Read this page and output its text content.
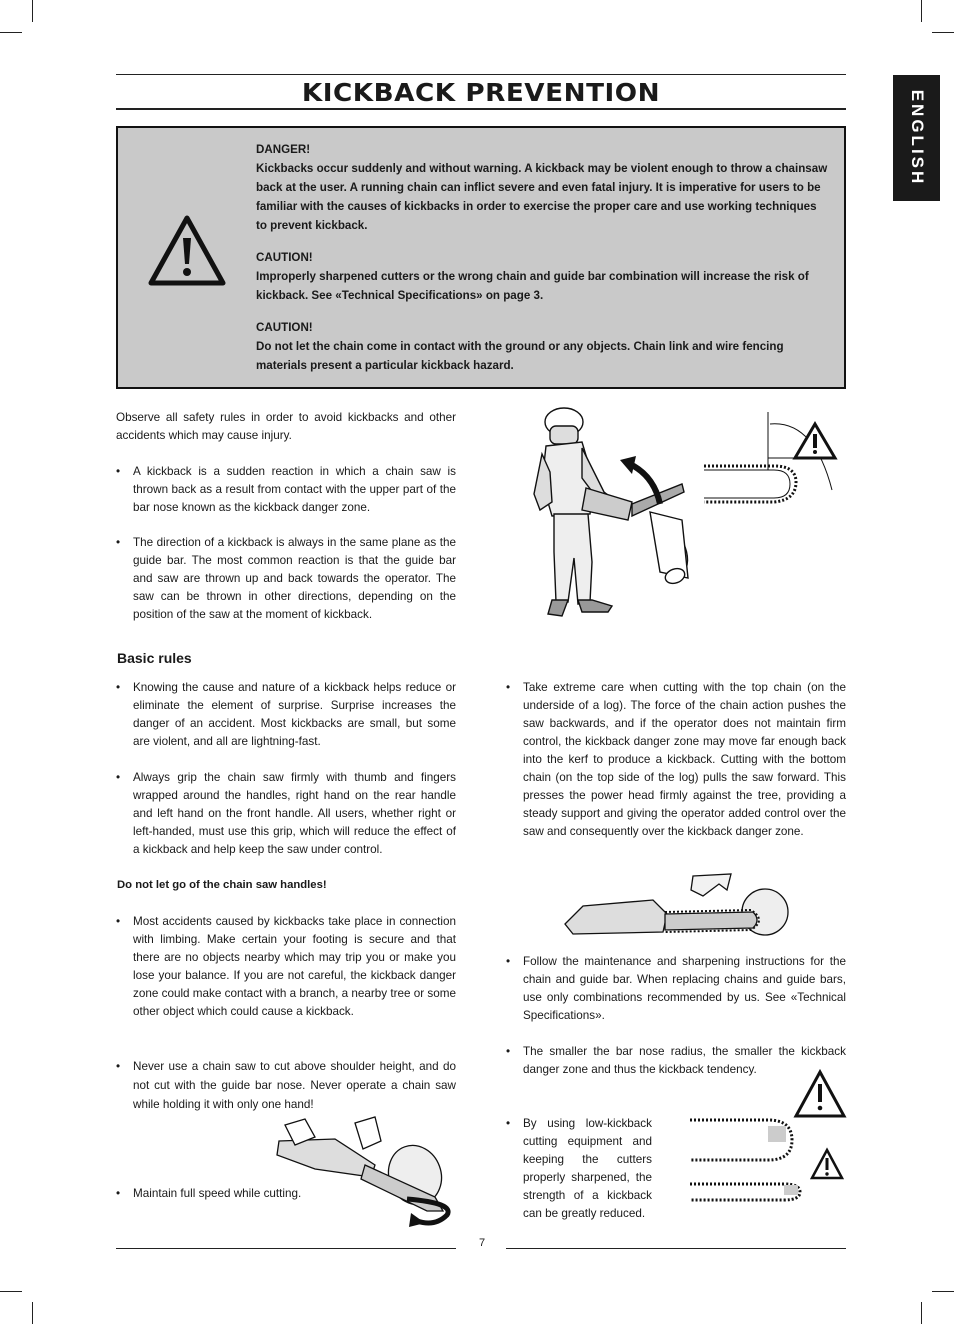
KICKBACK PREVENTION	ENGLISH

DANGER!
Kickbacks occur suddenly and without warning. A kickback may be violent enough to throw a chainsaw back at the user. A running chain can inflict severe and even fatal injury. It is imperative for users to be familiar with the causes of kickbacks in order to exercise the proper care and use working techniques to prevent kickback.

CAUTION!
Improperly sharpened cutters or the wrong chain and guide bar combination will increase the risk of kickback. See «Technical Specifications» on page 3.

CAUTION!
Do not let the chain come in contact with the ground or any objects. Chain link and wire fencing materials present a particular kickback hazard.

Observe all safety rules in order to avoid kickbacks and other accidents which may cause injury.

• A kickback is a sudden reaction in which a chain saw is thrown back as a result from contact with the upper part of the bar nose known as the kickback danger zone.
• The direction of a kickback is always in the same plane as the guide bar. The most common reaction is that the guide bar and saw are thrown up and back towards the operator. The saw can be thrown in other directions, depending on the position of the saw at the moment of kickback.
Basic rules
• Knowing the cause and nature of a kickback helps reduce or eliminate the element of surprise. Surprise increases the danger of an accident. Most kickbacks are small, but some are violent, and all are lightning-fast.
• Always grip the chain saw firmly with thumb and fingers wrapped around the handles, right hand on the rear handle and left hand on the front handle. All users, whether right or left-handed, must use this grip, which will reduce the effect of a kickback and help keep the saw under control.
Do not let go of the chain saw handles!
• Most accidents caused by kickbacks take place in connection with limbing. Make certain your footing is secure and that there are no objects nearby which may trip you or make you lose your balance. If you are not careful, the kickback danger zone could make contact with a branch, a nearby tree or some other object which could cause a kickback.
• Never use a chain saw to cut above shoulder height, and do not cut with the guide bar nose. Never operate a chain saw while holding it with only one hand!
• Maintain full speed while cutting.
• Take extreme care when cutting with the top chain (on the underside of a log). The force of the chain action pushes the saw backwards, and if the operator does not maintain firm control, the kickback danger zone may move far enough back into the kerf to produce a kickback. Cutting with the bottom chain (on the top side of the log) pulls the saw forward. This presses the power head firmly against the tree, providing a steady support and giving the operator added control over the saw and consequently over the kickback danger zone.
• Follow the maintenance and sharpening instructions for the chain and guide bar. When replacing chains and guide bars, use only combinations recommended by us. See «Technical Specifications».
• The smaller the bar nose radius, the smaller the kickback danger zone and thus the kickback tendency.
• By using low-kickback cutting equipment and keeping the cutters properly sharpened, the strength of a kickback can be greatly reduced.
7
